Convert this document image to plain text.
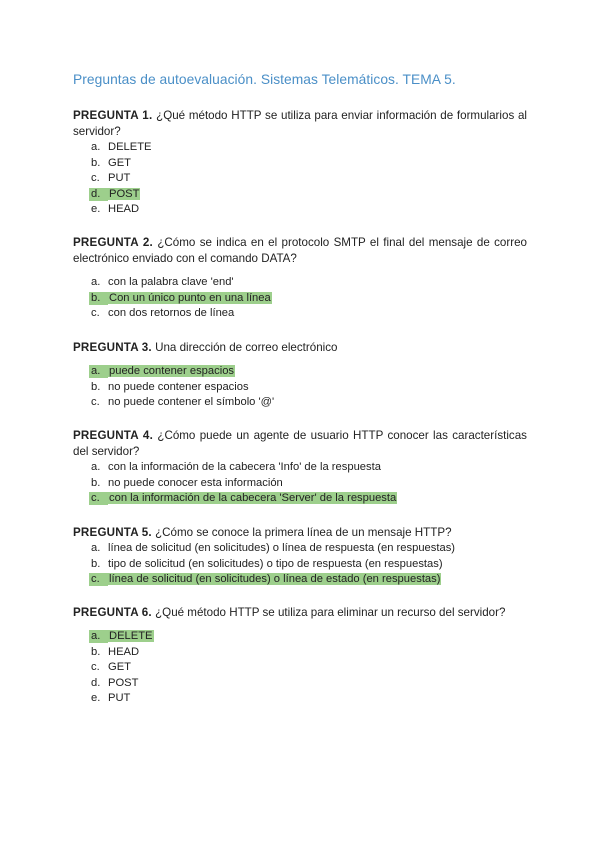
Preguntas de autoevaluación. Sistemas Telemáticos. TEMA 5.

PREGUNTA 1. ¿Qué método HTTP se utiliza para enviar información de formularios al servidor?

a. DELETE
b. GET
c. PUT
d. POST
e. HEAD

PREGUNTA 2. ¿Cómo se indica en el protocolo SMTP el final del mensaje de correo electrónico enviado con el comando DATA?

a. con la palabra clave 'end'
b. Con un único punto en una línea
c. con dos retornos de línea

PREGUNTA 3. Una dirección de correo electrónico

a. puede contener espacios
b. no puede contener espacios
c. no puede contener el símbolo '@'

PREGUNTA 4. ¿Cómo puede un agente de usuario HTTP conocer las características del servidor?

a. con la información de la cabecera 'Info' de la respuesta
b. no puede conocer esta información
c. con la información de la cabecera 'Server' de la respuesta

PREGUNTA 5. ¿Cómo se conoce la primera línea de un mensaje HTTP?

a. línea de solicitud (en solicitudes) o línea de respuesta (en respuestas)
b. tipo de solicitud (en solicitudes) o tipo de respuesta (en respuestas)
c. línea de solicitud (en solicitudes) o línea de estado (en respuestas)

PREGUNTA 6. ¿Qué método HTTP se utiliza para eliminar un recurso del servidor?

a. DELETE
b. HEAD
c. GET
d. POST
e. PUT
